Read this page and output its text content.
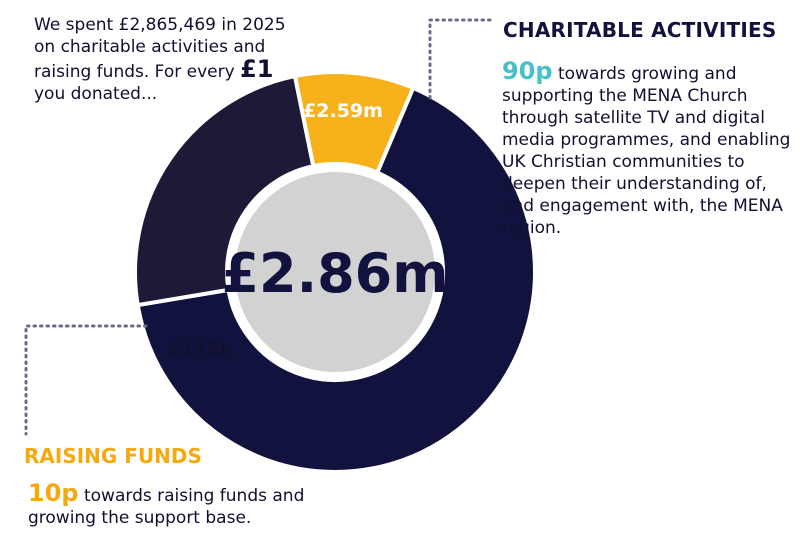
£2.59m
£275k
£2.86m

We spent £2,865,469 in 2025 on charitable activities and raising funds. For every £1 you donated...

CHARITABLE ACTIVITIES

90p towards growing and supporting the MENA Church through satellite TV and digital media programmes, and enabling UK Christian communities to deepen their understanding of, and engagement with, the MENA region.

RAISING FUNDS

10p towards raising funds and growing the support base.
